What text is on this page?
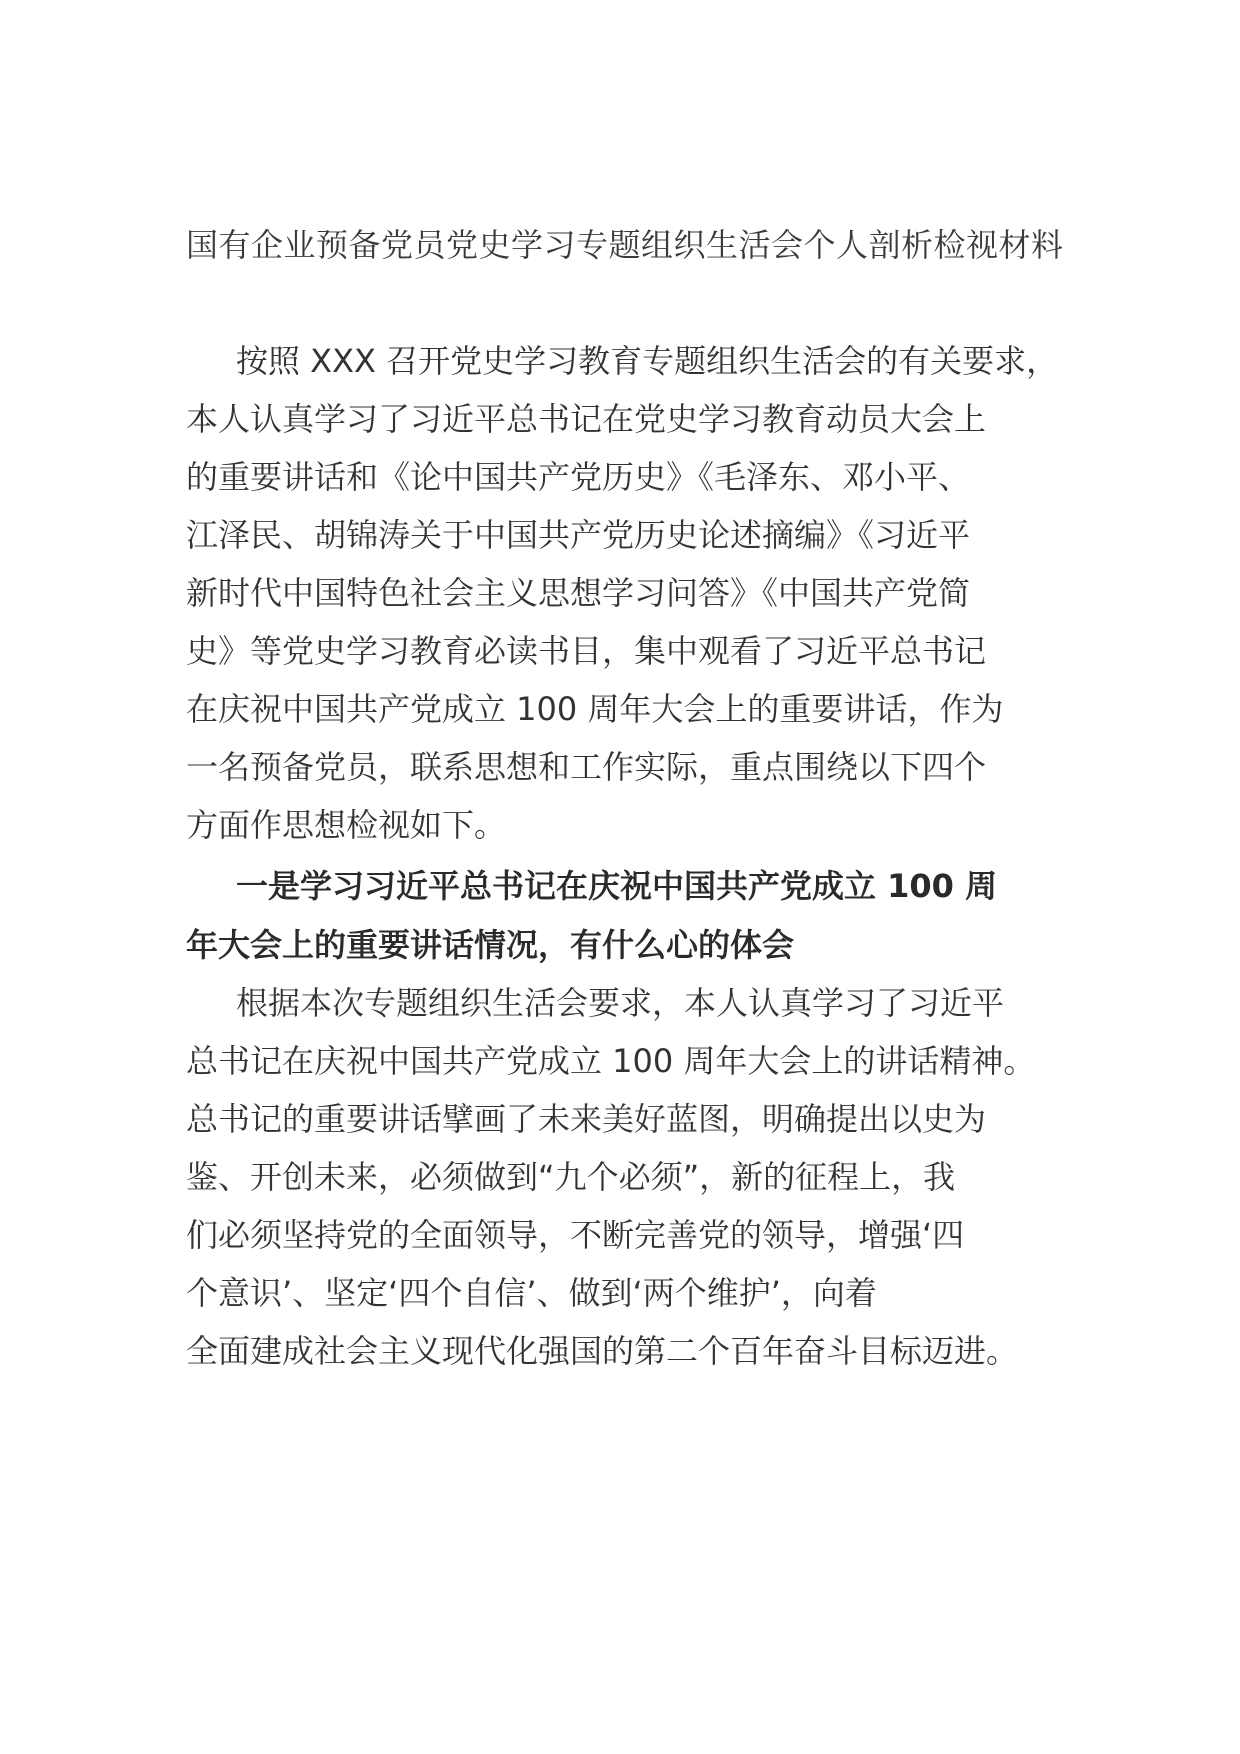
国有企业预备党员党史学习专题组织生活会个人剖析检视材料
按照 XXX 召开党史学习教育专题组织生活会的有关要求，
本人认真学习了习近平总书记在党史学习教育动员大会上
的重要讲话和《论中国共产党历史》《毛泽东、邓小平、
江泽民、胡锦涛关于中国共产党历史论述摘编》《习近平
新时代中国特色社会主义思想学习问答》《中国共产党简
史》等党史学习教育必读书目，集中观看了习近平总书记
在庆祝中国共产党成立 100 周年大会上的重要讲话，作为
一名预备党员，联系思想和工作实际，重点围绕以下四个
方面作思想检视如下。
一是学习习近平总书记在庆祝中国共产党成立 100 周
年大会上的重要讲话情况，有什么心的体会
根据本次专题组织生活会要求，本人认真学习了习近平
总书记在庆祝中国共产党成立 100 周年大会上的讲话精神。
总书记的重要讲话擘画了未来美好蓝图，明确提出以史为
鉴、开创未来，必须做到“九个必须”，新的征程上，我
们必须坚持党的全面领导，不断完善党的领导，增强‘四
个意识’、坚定‘四个自信’、做到‘两个维护’，向着
全面建成社会主义现代化强国的第二个百年奋斗目标迈进。
